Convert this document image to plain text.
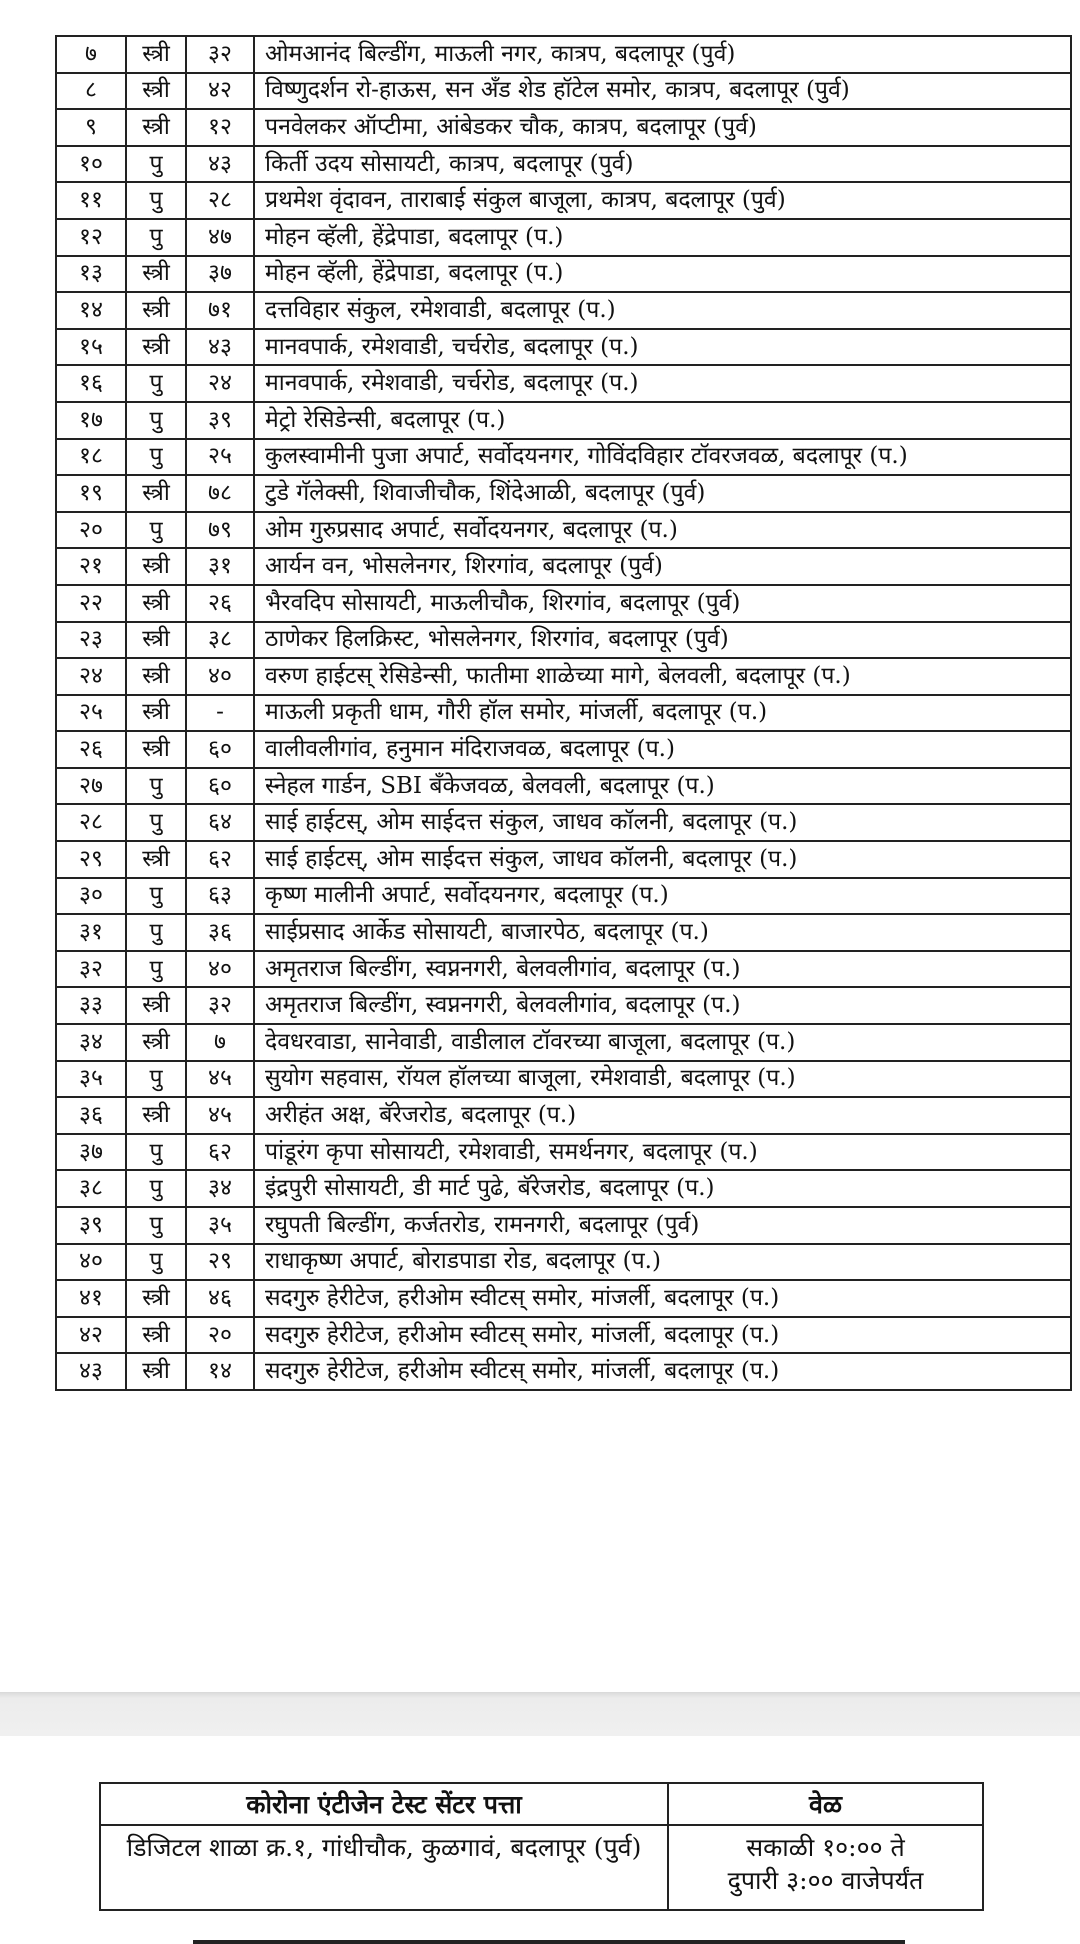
७	स्त्री	३२	ओमआनंद बिल्डींग, माऊली नगर, कात्रप, बदलापूर (पुर्व)
८	स्त्री	४२	विष्णुदर्शन रो-हाऊस, सन अँड शेड हॉटेल समोर, कात्रप, बदलापूर (पुर्व)
९	स्त्री	१२	पनवेलकर ऑप्टीमा, आंबेडकर चौक, कात्रप, बदलापूर (पुर्व)
१०	पु	४३	किर्ती उदय सोसायटी, कात्रप, बदलापूर (पुर्व)
११	पु	२८	प्रथमेश वृंदावन, ताराबाई संकुल बाजूला, कात्रप, बदलापूर (पुर्व)
१२	पु	४७	मोहन व्हॅली, हेंद्रेपाडा, बदलापूर (प.)
१३	स्त्री	३७	मोहन व्हॅली, हेंद्रेपाडा, बदलापूर (प.)
१४	स्त्री	७१	दत्तविहार संकुल, रमेशवाडी, बदलापूर (प.)
१५	स्त्री	४३	मानवपार्क, रमेशवाडी, चर्चरोड, बदलापूर (प.)
१६	पु	२४	मानवपार्क, रमेशवाडी, चर्चरोड, बदलापूर (प.)
१७	पु	३९	मेट्रो रेसिडेन्सी, बदलापूर (प.)
१८	पु	२५	कुलस्वामीनी पुजा अपार्ट, सर्वोदयनगर, गोविंदविहार टॉवरजवळ, बदलापूर (प.)
१९	स्त्री	७८	टुडे गॅलेक्सी, शिवाजीचौक, शिंदेआळी, बदलापूर (पुर्व)
२०	पु	७९	ओम गुरुप्रसाद अपार्ट, सर्वोदयनगर, बदलापूर (प.)
२१	स्त्री	३१	आर्यन वन, भोसलेनगर, शिरगांव, बदलापूर (पुर्व)
२२	स्त्री	२६	भैरवदिप सोसायटी, माऊलीचौक, शिरगांव, बदलापूर (पुर्व)
२३	स्त्री	३८	ठाणेकर हिलक्रिस्ट, भोसलेनगर, शिरगांव, बदलापूर (पुर्व)
२४	स्त्री	४०	वरुण हाईटस् रेसिडेन्सी, फातीमा शाळेच्या मागे, बेलवली, बदलापूर (प.)
२५	स्त्री	-	माऊली प्रकृती धाम, गौरी हॉल समोर, मांजर्ली, बदलापूर (प.)
२६	स्त्री	६०	वालीवलीगांव, हनुमान मंदिराजवळ, बदलापूर (प.)
२७	पु	६०	स्नेहल गार्डन, SBI बँकेजवळ, बेलवली, बदलापूर (प.)
२८	पु	६४	साई हाईटस्, ओम साईदत्त संकुल, जाधव कॉलनी, बदलापूर (प.)
२९	स्त्री	६२	साई हाईटस्, ओम साईदत्त संकुल, जाधव कॉलनी, बदलापूर (प.)
३०	पु	६३	कृष्ण मालीनी अपार्ट, सर्वोदयनगर, बदलापूर (प.)
३१	पु	३६	साईप्रसाद आर्केड सोसायटी, बाजारपेठ, बदलापूर (प.)
३२	पु	४०	अमृतराज बिल्डींग, स्वप्ननगरी, बेलवलीगांव, बदलापूर (प.)
३३	स्त्री	३२	अमृतराज बिल्डींग, स्वप्ननगरी, बेलवलीगांव, बदलापूर (प.)
३४	स्त्री	७	देवधरवाडा, सानेवाडी, वाडीलाल टॉवरच्या बाजूला, बदलापूर (प.)
३५	पु	४५	सुयोग सहवास, रॉयल हॉलच्या बाजूला, रमेशवाडी, बदलापूर (प.)
३६	स्त्री	४५	अरीहंत अक्ष, बॅरेजरोड, बदलापूर (प.)
३७	पु	६२	पांडूरंग कृपा सोसायटी, रमेशवाडी, समर्थनगर, बदलापूर (प.)
३८	पु	३४	इंद्रपुरी सोसायटी, डी मार्ट पुढे, बॅरेजरोड, बदलापूर (प.)
३९	पु	३५	रघुपती बिल्डींग, कर्जतरोड, रामनगरी, बदलापूर (पुर्व)
४०	पु	२९	राधाकृष्ण अपार्ट, बोराडपाडा रोड, बदलापूर (प.)
४१	स्त्री	४६	सदगुरु हेरीटेज, हरीओम स्वीटस् समोर, मांजर्ली, बदलापूर (प.)
४२	स्त्री	२०	सदगुरु हेरीटेज, हरीओम स्वीटस् समोर, मांजर्ली, बदलापूर (प.)
४३	स्त्री	१४	सदगुरु हेरीटेज, हरीओम स्वीटस् समोर, मांजर्ली, बदलापूर (प.)
कोरोना एंटीजेन टेस्ट सेंटर पत्ता	वेळ
डिजिटल शाळा क्र.१, गांधीचौक, कुळगावं, बदलापूर (पुर्व)	सकाळी १०:०० ते
दुपारी ३:०० वाजेपर्यंत
